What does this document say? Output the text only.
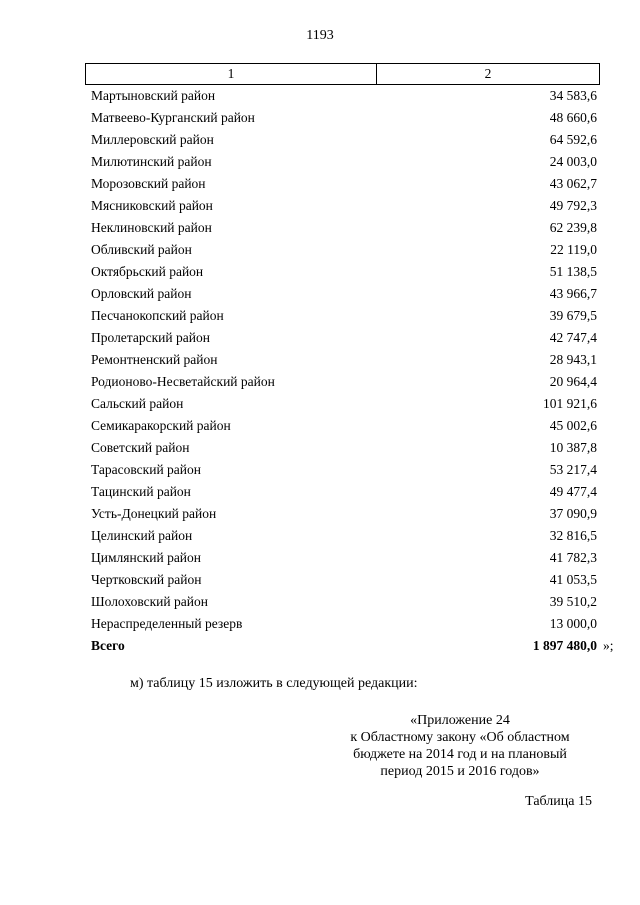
1193
1	2
Мартыновский район	34 583,6
Матвеево-Курганский район	48 660,6
Миллеровский район	64 592,6
Милютинский район	24 003,0
Морозовский район	43 062,7
Мясниковский район	49 792,3
Неклиновский район	62 239,8
Обливский район	22 119,0
Октябрьский район	51 138,5
Орловский район	43 966,7
Песчанокопский район	39 679,5
Пролетарский район	42 747,4
Ремонтненский район	28 943,1
Родионово-Несветайский район	20 964,4
Сальский район	101 921,6
Семикаракорский район	45 002,6
Советский район	10 387,8
Тарасовский район	53 217,4
Тацинский район	49 477,4
Усть-Донецкий район	37 090,9
Целинский район	32 816,5
Цимлянский район	41 782,3
Чертковский район	41 053,5
Шолоховский район	39 510,2
Нераспределенный резерв	13 000,0
Всего	1 897 480,0 »;
м) таблицу 15 изложить в следующей редакции:
«Приложение 24
к Областному закону «Об областном
бюджете на 2014 год и на плановый
период 2015 и 2016 годов»
Таблица 15
